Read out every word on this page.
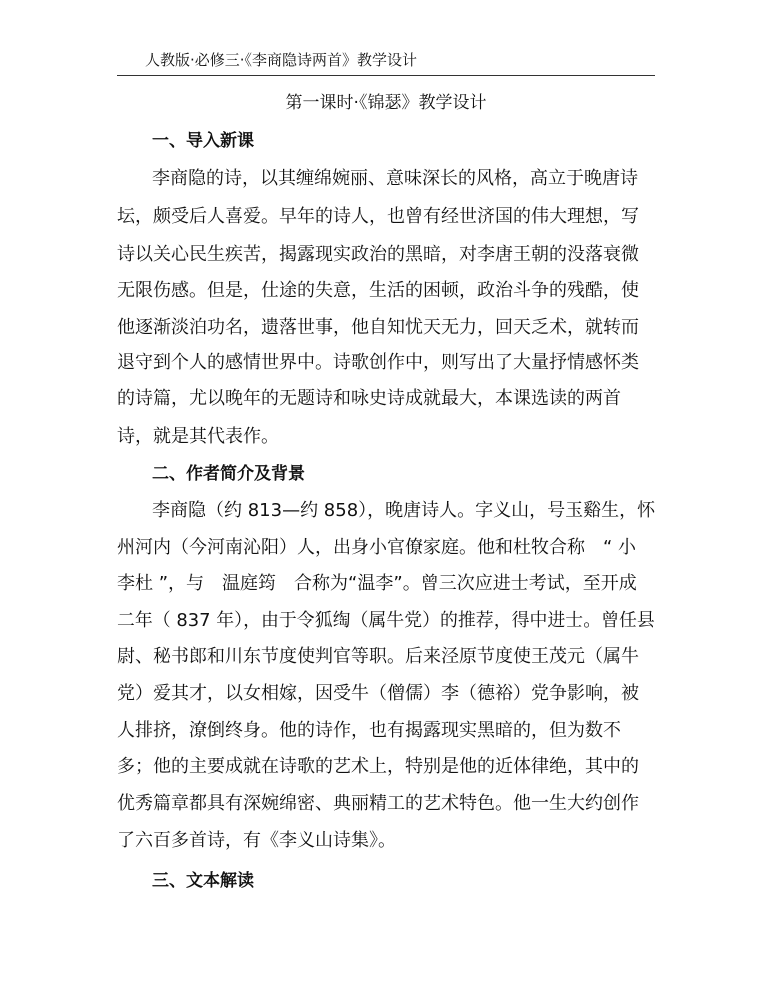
人教版·必修三·《李商隐诗两首》教学设计
第一课时·《锦瑟》教学设计
一、导入新课
李商隐的诗，以其缠绵婉丽、意味深长的风格，高立于晚唐诗
坛，颇受后人喜爱。早年的诗人，也曾有经世济国的伟大理想，写
诗以关心民生疾苦，揭露现实政治的黑暗，对李唐王朝的没落衰微
无限伤感。但是，仕途的失意，生活的困顿，政治斗争的残酷，使
他逐渐淡泊功名，遗落世事，他自知忧天无力，回天乏术，就转而
退守到个人的感情世界中。诗歌创作中，则写出了大量抒情感怀类
的诗篇，尤以晚年的无题诗和咏史诗成就最大，本课选读的两首
诗，就是其代表作。
二、作者简介及背景
李商隐（约 813—约 858），晚唐诗人。字义山，号玉谿生，怀
州河内（今河南沁阳）人，出身小官僚家庭。他和杜牧合称　“ 小
李杜 ”，与　温庭筠　合称为“温李”。曾三次应进士考试，至开成
二年（ 837 年），由于令狐绹（属牛党）的推荐，得中进士。曾任县
尉、秘书郎和川东节度使判官等职。后来泾原节度使王茂元（属牛
党）爱其才，以女相嫁，因受牛（僧儒）李（德裕）党争影响，被
人排挤，潦倒终身。他的诗作，也有揭露现实黑暗的，但为数不
多；他的主要成就在诗歌的艺术上，特别是他的近体律绝，其中的
优秀篇章都具有深婉绵密、典丽精工的艺术特色。他一生大约创作
了六百多首诗，有《李义山诗集》。
三、文本解读
